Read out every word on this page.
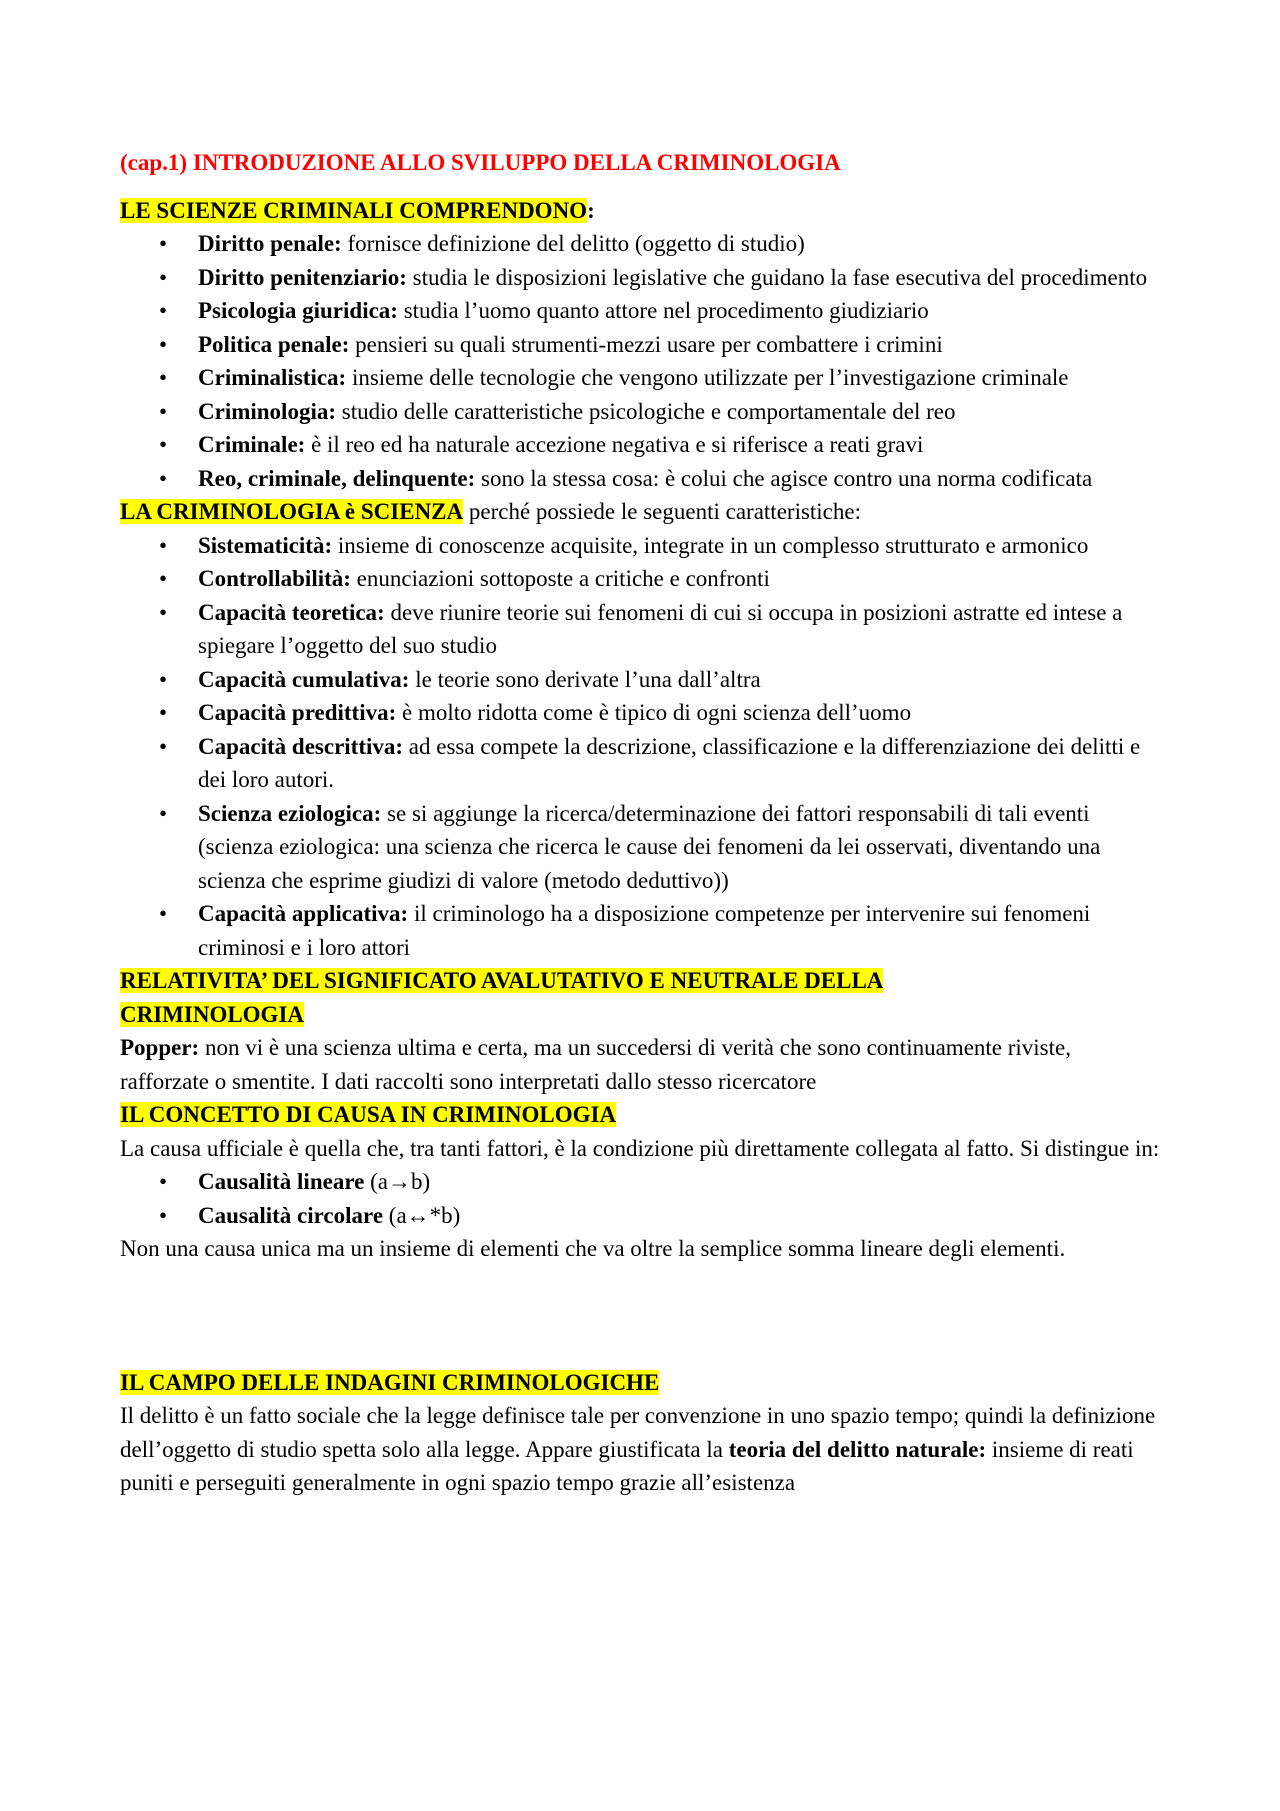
(cap.1) INTRODUZIONE ALLO SVILUPPO DELLA CRIMINOLOGIA

LE SCIENZE CRIMINALI COMPRENDONO:

• Diritto penale: fornisce definizione del delitto (oggetto di studio)
• Diritto penitenziario: studia le disposizioni legislative che guidano la fase esecutiva del procedimento
• Psicologia giuridica: studia l’uomo quanto attore nel procedimento giudiziario
• Politica penale: pensieri su quali strumenti-mezzi usare per combattere i crimini
• Criminalistica: insieme delle tecnologie che vengono utilizzate per l’investigazione criminale
• Criminologia: studio delle caratteristiche psicologiche e comportamentale del reo
• Criminale: è il reo ed ha naturale accezione negativa e si riferisce a reati gravi
• Reo, criminale, delinquente: sono la stessa cosa: è colui che agisce contro una norma codificata

LA CRIMINOLOGIA è SCIENZA perché possiede le seguenti caratteristiche:

• Sistematicità: insieme di conoscenze acquisite, integrate in un complesso strutturato e armonico
• Controllabilità: enunciazioni sottoposte a critiche e confronti
• Capacità teoretica: deve riunire teorie sui fenomeni di cui si occupa in posizioni astratte ed intese a spiegare l’oggetto del suo studio
• Capacità cumulativa: le teorie sono derivate l’una dall’altra
• Capacità predittiva: è molto ridotta come è tipico di ogni scienza dell’uomo
• Capacità descrittiva: ad essa compete la descrizione, classificazione e la differenziazione dei delitti e dei loro autori.
• Scienza eziologica: se si aggiunge la ricerca/determinazione dei fattori responsabili di tali eventi (scienza eziologica: una scienza che ricerca le cause dei fenomeni da lei osservati, diventando una scienza che esprime giudizi di valore (metodo deduttivo))
• Capacità applicativa: il criminologo ha a disposizione competenze per intervenire sui fenomeni criminosi e i loro attori

RELATIVITA’ DEL SIGNIFICATO AVALUTATIVO E NEUTRALE DELLA

CRIMINOLOGIA

Popper: non vi è una scienza ultima e certa, ma un succedersi di verità che sono continuamente riviste, rafforzate o smentite. I dati raccolti sono interpretati dallo stesso ricercatore

IL CONCETTO DI CAUSA IN CRIMINOLOGIA

La causa ufficiale è quella che, tra tanti fattori, è la condizione più direttamente collegata al fatto. Si distingue in:

• Causalità lineare (a→b)
• Causalità circolare (a↔*b)

Non una causa unica ma un insieme di elementi che va oltre la semplice somma lineare degli elementi.

IL CAMPO DELLE INDAGINI CRIMINOLOGICHE

Il delitto è un fatto sociale che la legge definisce tale per convenzione in uno spazio tempo; quindi la definizione dell’oggetto di studio spetta solo alla legge. Appare giustificata la teoria del delitto naturale: insieme di reati puniti e perseguiti generalmente in ogni spazio tempo grazie all’esistenza
